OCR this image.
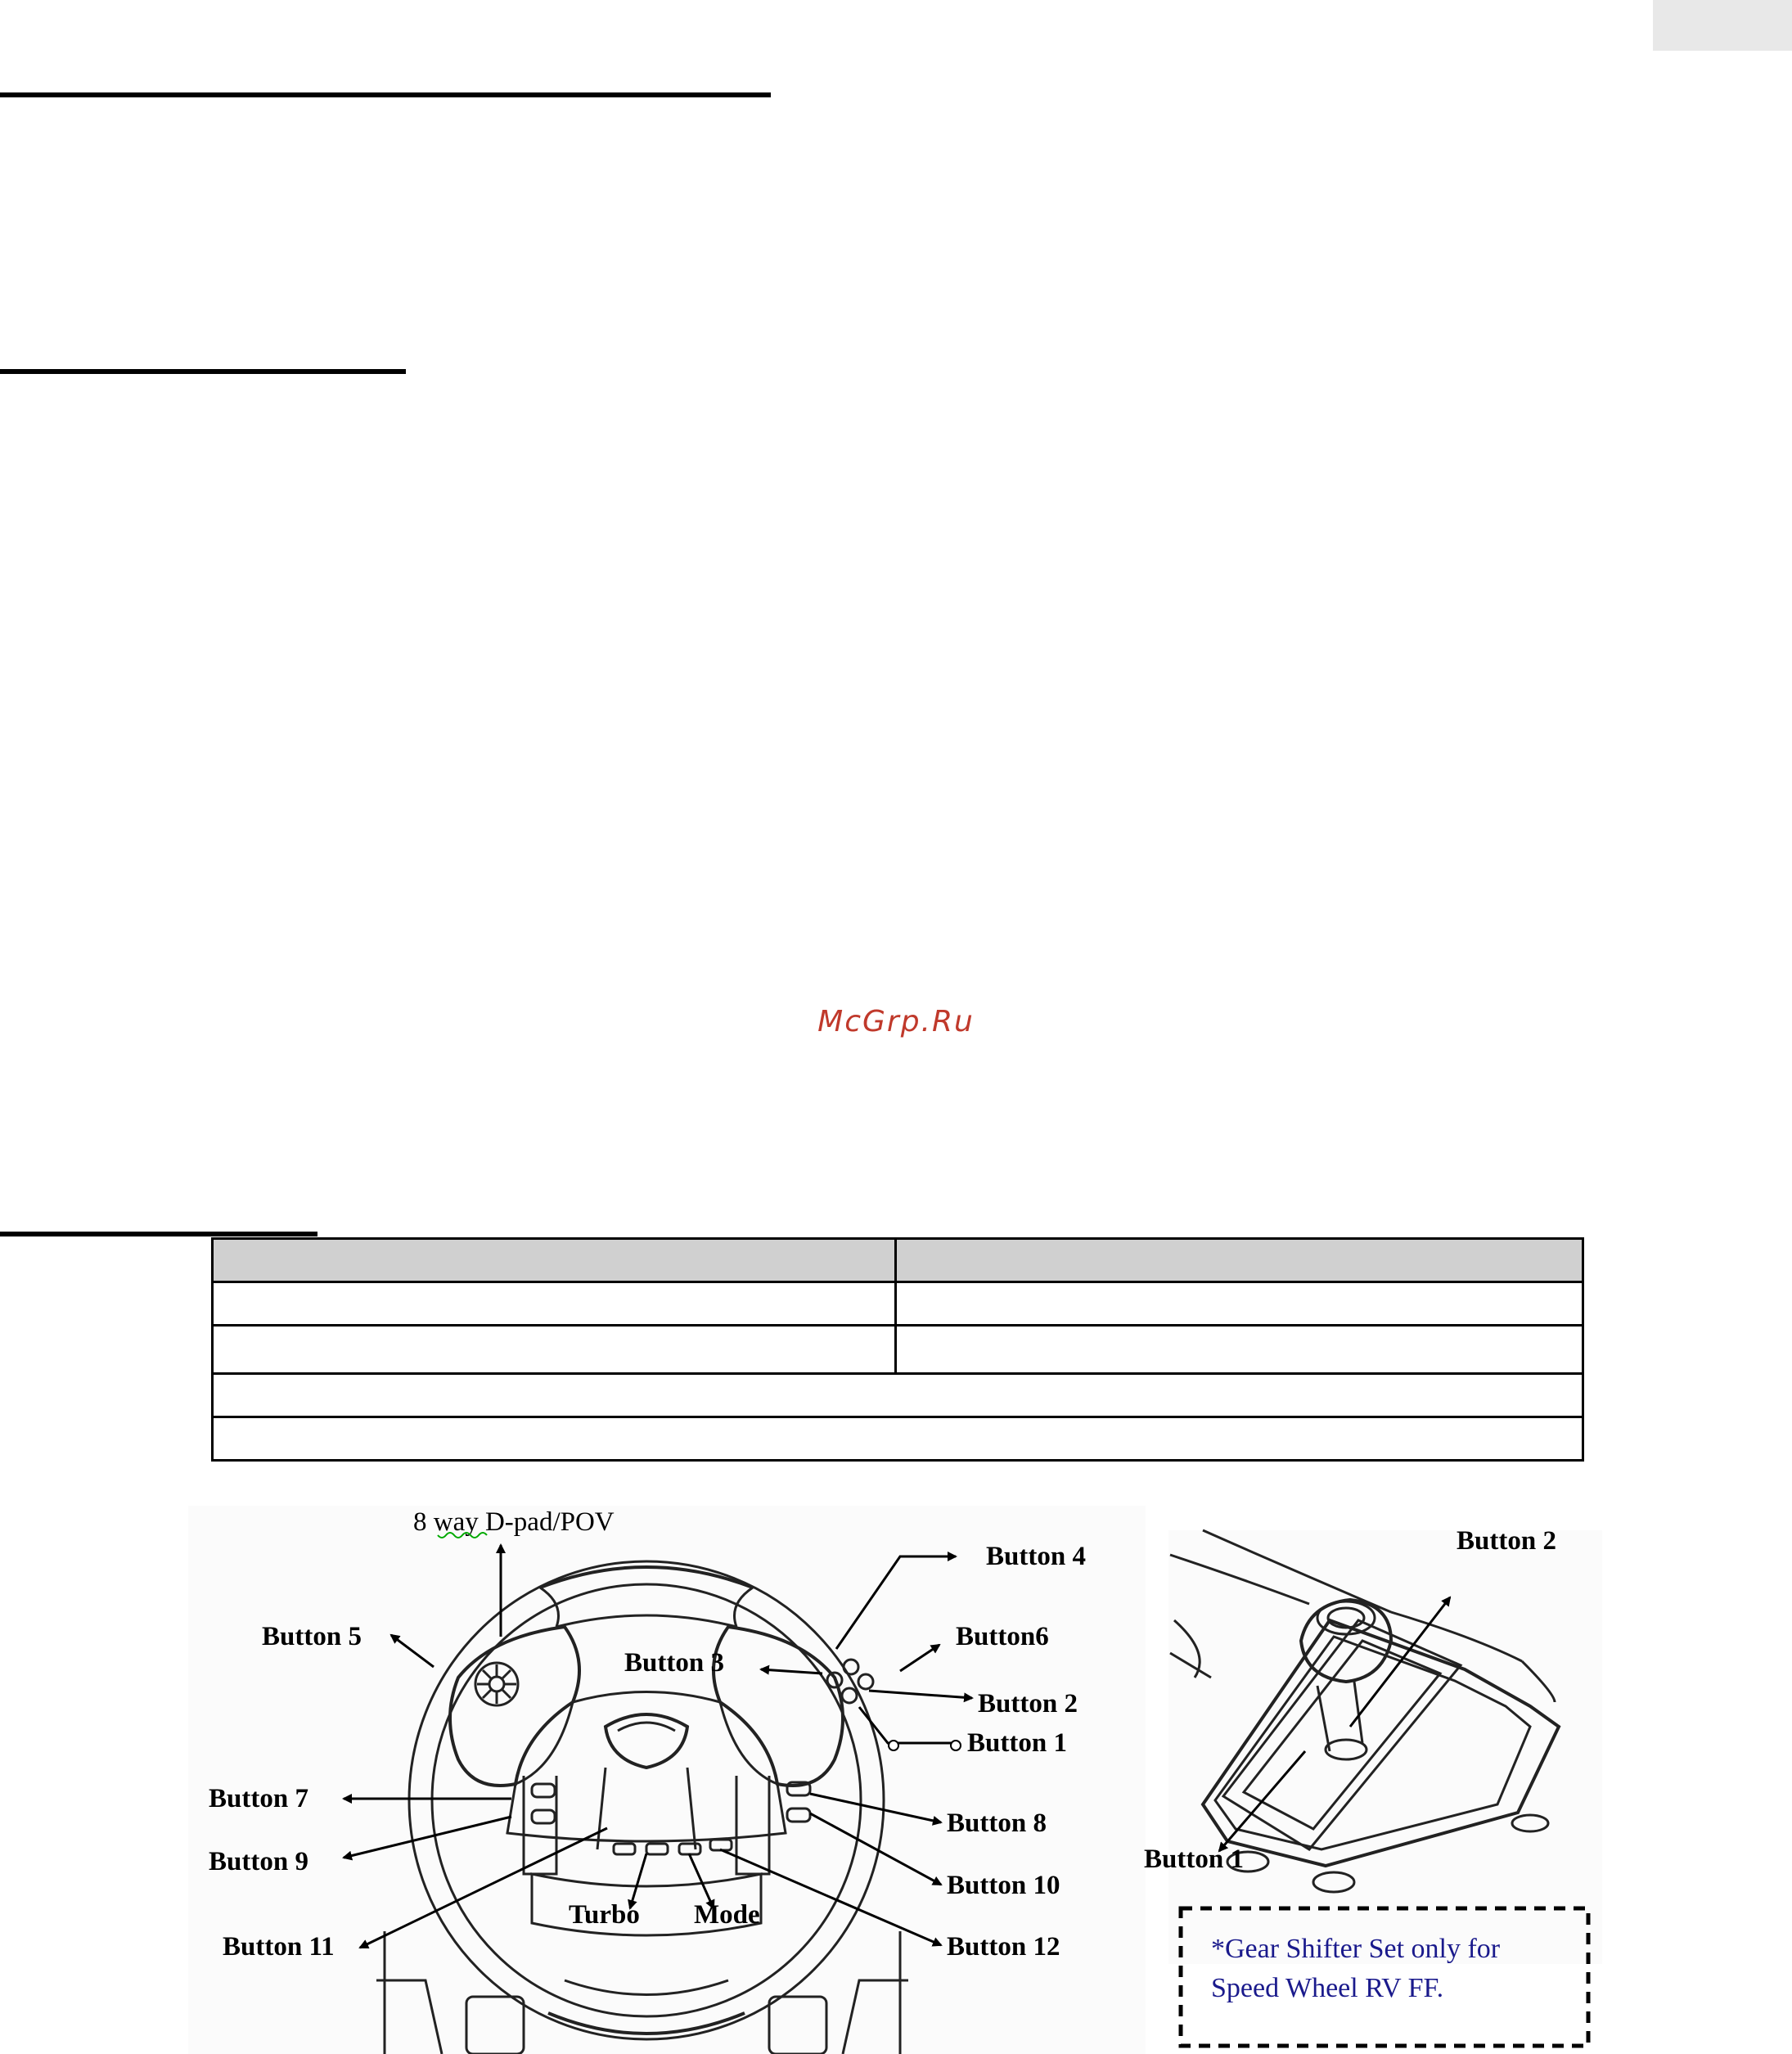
McGrp.Ru

8 way D-pad/POV
Button 5
Button 4
Button6
Button 3
Button 2
Button 1
Button 7
Button 9
Button 8
Button 10
Button 11	Button 12
Turbo Mode
Button 2
Button 1
*Gear Shifter Set only for
Speed Wheel RV FF.
